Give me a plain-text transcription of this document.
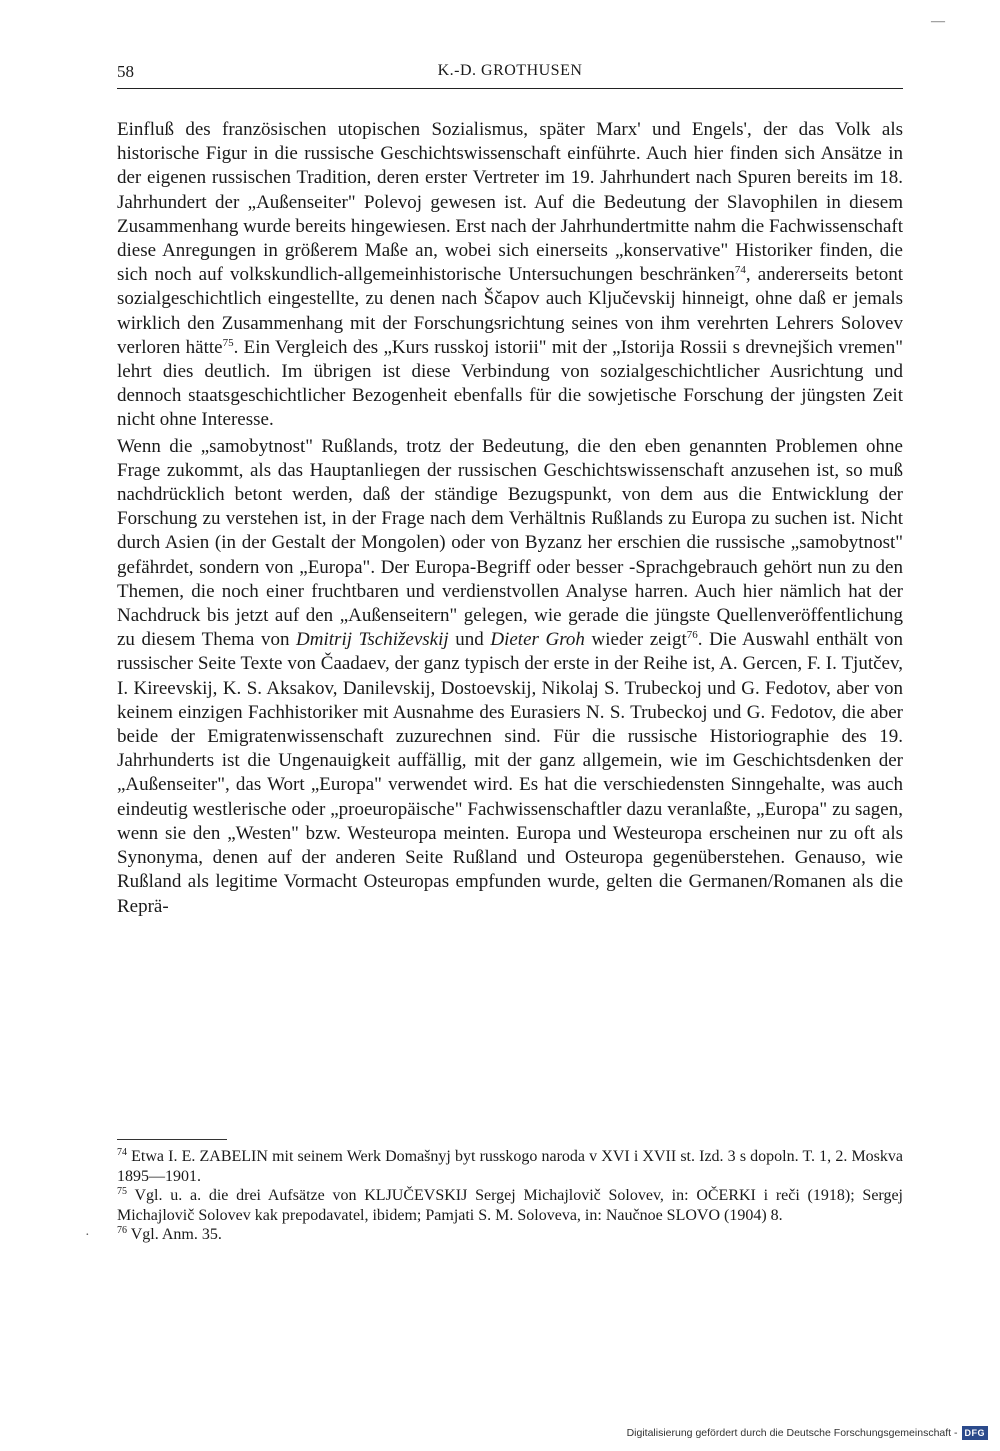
—
58	K.-D. GROTHUSEN

Einfluß des französischen utopischen Sozialismus, später Marx' und Engels', der das Volk als historische Figur in die russische Geschichtswissenschaft einführte. Auch hier finden sich Ansätze in der eigenen russischen Tradition, deren erster Vertreter im 19. Jahrhundert nach Spuren bereits im 18. Jahrhundert der „Außenseiter" Polevoj gewesen ist. Auf die Bedeutung der Slavophilen in diesem Zusammenhang wurde bereits hingewiesen. Erst nach der Jahrhundertmitte nahm die Fachwissenschaft diese Anregungen in größerem Maße an, wobei sich einerseits „konservative" Historiker finden, die sich noch auf volkskundlich-allgemeinhistorische Untersuchungen beschränken$^{74}$, andererseits betont sozialgeschichtlich eingestellte, zu denen nach Ščapov auch Ključevskij hinneigt, ohne daß er jemals wirklich den Zusammenhang mit der Forschungsrichtung seines von ihm verehrten Lehrers Solovev verloren hätte$^{75}$. Ein Vergleich des „Kurs russkoj istorii" mit der „Istorija Rossii s drevnejšich vremen" lehrt dies deutlich. Im übrigen ist diese Verbindung von sozialgeschichtlicher Ausrichtung und dennoch staatsgeschichtlicher Bezogenheit ebenfalls für die sowjetische Forschung der jüngsten Zeit nicht ohne Interesse.

Wenn die „samobytnost" Rußlands, trotz der Bedeutung, die den eben genannten Problemen ohne Frage zukommt, als das Hauptanliegen der russischen Geschichtswissenschaft anzusehen ist, so muß nachdrücklich betont werden, daß der ständige Bezugspunkt, von dem aus die Entwicklung der Forschung zu verstehen ist, in der Frage nach dem Verhältnis Rußlands zu Europa zu suchen ist. Nicht durch Asien (in der Gestalt der Mongolen) oder von Byzanz her erschien die russische „samobytnost" gefährdet, sondern von „Europa". Der Europa-Begriff oder besser -Sprachgebrauch gehört nun zu den Themen, die noch einer fruchtbaren und verdienstvollen Analyse harren. Auch hier nämlich hat der Nachdruck bis jetzt auf den „Außenseitern" gelegen, wie gerade die jüngste Quellenveröffentlichung zu diesem Thema von Dmitrij Tschiževskij und Dieter Groh wieder zeigt$^{76}$. Die Auswahl enthält von russischer Seite Texte von Čaadaev, der ganz typisch der erste in der Reihe ist, A. Gercen, F. I. Tjutčev, I. Kireevskij, K. S. Aksakov, Danilevskij, Dostoevskij, Nikolaj S. Trubeckoj und G. Fedotov, aber von keinem einzigen Fachhistoriker mit Ausnahme des Eurasiers N. S. Trubeckoj und G. Fedotov, die aber beide der Emigratenwissenschaft zuzurechnen sind. Für die russische Historiographie des 19. Jahrhunderts ist die Ungenauigkeit auffällig, mit der ganz allgemein, wie im Geschichtsdenken der „Außenseiter", das Wort „Europa" verwendet wird. Es hat die verschiedensten Sinngehalte, was auch eindeutig westlerische oder „proeuropäische" Fachwissenschaftler dazu veranlaßte, „Europa" zu sagen, wenn sie den „Westen" bzw. Westeuropa meinten. Europa und Westeuropa erscheinen nur zu oft als Synonyma, denen auf der anderen Seite Rußland und Osteuropa gegenüberstehen. Genauso, wie Rußland als legitime Vormacht Osteuropas empfunden wurde, gelten die Germanen/Romanen als die Reprä-

$^{74}$ Etwa I. E. ZABELIN mit seinem Werk Domašnyj byt russkogo naroda v XVI i XVII st. Izd. 3 s dopoln. T. 1, 2. Moskva 1895—1901.

$^{75}$ Vgl. u. a. die drei Aufsätze von KLJUČEVSKIJ Sergej Michajlovič Solovev, in: OČERKI i reči (1918); Sergej Michajlovič Solovev kak prepodavatel, ibidem; Pamjati S. M. Soloveva, in: Naučnoe SLOVO (1904) 8.

$^{76}$ Vgl. Anm. 35.

·
Digitalisierung gefördert durch die Deutsche Forschungsgemeinschaft - DFG
